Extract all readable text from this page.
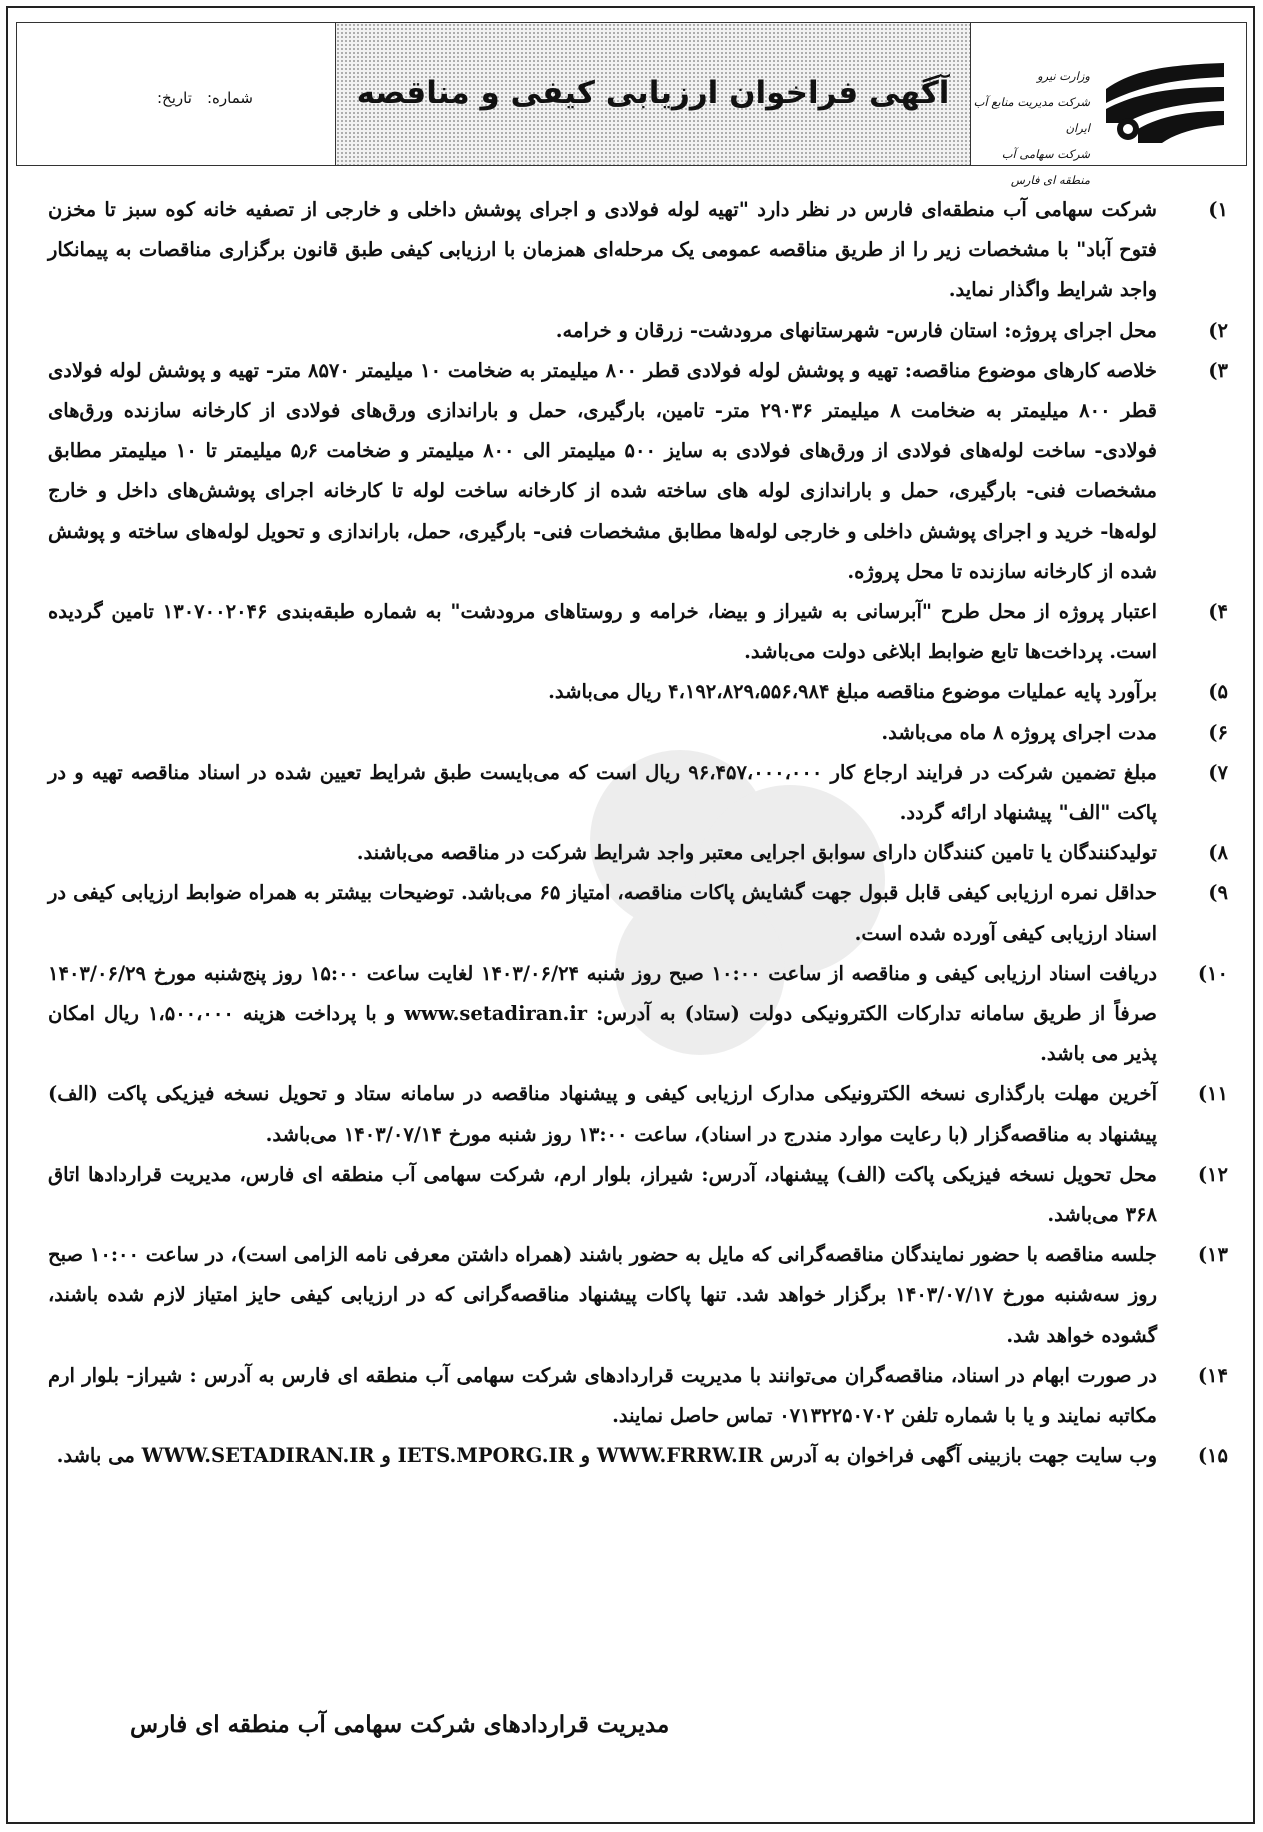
شماره:
تاریخ:	آگهی فراخوان ارزیابی کیفی و مناقصه	وزارت نیرو
شرکت مدیریت منابع آب ایران
شرکت سهامی آب منطقه ای فارس
۱)
شرکت سهامی آب منطقه‌ای فارس در نظر دارد "تهیه لوله فولادی و اجرای پوشش داخلی و خارجی از تصفیه خانه کوه سبز تا مخزن فتوح آباد" با مشخصات زیر را از طریق مناقصه عمومی یک مرحله‌ای همزمان با ارزیابی کیفی طبق قانون برگزاری مناقصات به پیمانکار واجد شرایط واگذار نماید.
۲)
محل اجرای پروژه: استان فارس- شهرستانهای مرودشت- زرقان و خرامه.
۳)
خلاصه کارهای موضوع مناقصه: تهیه و پوشش لوله فولادی قطر ۸۰۰ میلیمتر به ضخامت ۱۰ میلیمتر ۸۵۷۰ متر- تهیه و پوشش لوله فولادی قطر ۸۰۰ میلیمتر به ضخامت ۸ میلیمتر ۲۹۰۳۶ متر- تامین، بارگیری، حمل و باراندازی ورق‌های فولادی از کارخانه سازنده ورق‌های فولادی- ساخت لوله‌های فولادی از ورق‌های فولادی به سایز ۵۰۰ میلیمتر الی ۸۰۰ میلیمتر و ضخامت ۵٫۶ میلیمتر تا ۱۰ میلیمتر مطابق مشخصات فنی- بارگیری، حمل و باراندازی لوله های ساخته شده از کارخانه ساخت لوله تا کارخانه اجرای پوشش‌های داخل و خارج لوله‌ها- خرید و اجرای پوشش داخلی و خارجی لوله‌ها مطابق مشخصات فنی- بارگیری، حمل، باراندازی و تحویل لوله‌های ساخته و پوشش شده از کارخانه سازنده تا محل پروژه.
۴)
اعتبار پروژه از محل طرح "آبرسانی به شیراز و بیضا، خرامه و روستاهای مرودشت" به شماره طبقه‌بندی ۱۳۰۷۰۰۲۰۴۶ تامین گردیده است. پرداخت‌ها تابع ضوابط ابلاغی دولت می‌باشد.
۵)
برآورد پایه عملیات موضوع مناقصه مبلغ ۴،۱۹۲،۸۲۹،۵۵۶،۹۸۴ ریال می‌باشد.
۶)
مدت اجرای پروژه ۸ ماه می‌باشد.
۷)
مبلغ تضمین شرکت در فرایند ارجاع کار ۹۶،۴۵۷،۰۰۰،۰۰۰ ریال است که می‌بایست طبق شرایط تعیین شده در اسناد مناقصه تهیه و در پاکت "الف" پیشنهاد ارائه گردد.
۸)
تولیدکنندگان یا تامین کنندگان دارای سوابق اجرایی معتبر واجد شرایط شرکت در مناقصه می‌باشند.
۹)
حداقل نمره ارزیابی کیفی قابل قبول جهت گشایش پاکات مناقصه، امتیاز ۶۵ می‌باشد. توضیحات بیشتر به همراه ضوابط ارزیابی کیفی در اسناد ارزیابی کیفی آورده شده است.
۱۰)
دریافت اسناد ارزیابی کیفی و مناقصه از ساعت ۱۰:۰۰ صبح روز شنبه ۱۴۰۳/۰۶/۲۴ لغایت ساعت ۱۵:۰۰ روز پنج‌شنبه مورخ ۱۴۰۳/۰۶/۲۹ صرفاً از طریق سامانه تدارکات الکترونیکی دولت (ستاد) به آدرس: www.setadiran.ir و با پرداخت هزینه ۱،۵۰۰،۰۰۰ ریال امکان پذیر می باشد.
۱۱)
آخرین مهلت بارگذاری نسخه الکترونیکی مدارک ارزیابی کیفی و پیشنهاد مناقصه در سامانه ستاد و تحویل نسخه فیزیکی پاکت (الف) پیشنهاد به مناقصه‌گزار (با رعایت موارد مندرج در اسناد)، ساعت ۱۳:۰۰ روز شنبه مورخ ۱۴۰۳/۰۷/۱۴ می‌باشد.
۱۲)
محل تحویل نسخه فیزیکی پاکت (الف) پیشنهاد، آدرس: شیراز، بلوار ارم، شرکت سهامی آب منطقه ای فارس، مدیریت قراردادها اتاق ۳۶۸ می‌باشد.
۱۳)
جلسه مناقصه با حضور نمایندگان مناقصه‌گرانی که مایل به حضور باشند (همراه داشتن معرفی نامه الزامی است)، در ساعت ۱۰:۰۰ صبح روز سه‌شنبه مورخ ۱۴۰۳/۰۷/۱۷ برگزار خواهد شد. تنها پاکات پیشنهاد مناقصه‌گرانی که در ارزیابی کیفی حایز امتیاز لازم شده باشند، گشوده خواهد شد.
۱۴)
در صورت ابهام در اسناد، مناقصه‌گران می‌توانند با مدیریت قراردادهای شرکت سهامی آب منطقه ای فارس به آدرس : شیراز- بلوار ارم مکاتبه نمایند و یا با شماره تلفن ۰۷۱۳۲۲۵۰۷۰۲ تماس حاصل نمایند.
۱۵)
وب سایت جهت بازبینی آگهی فراخوان به آدرس WWW.FRRW.IR و IETS.MPORG.IR و WWW.SETADIRAN.IR می باشد.
مدیریت قراردادهای شرکت سهامی آب منطقه ای فارس
